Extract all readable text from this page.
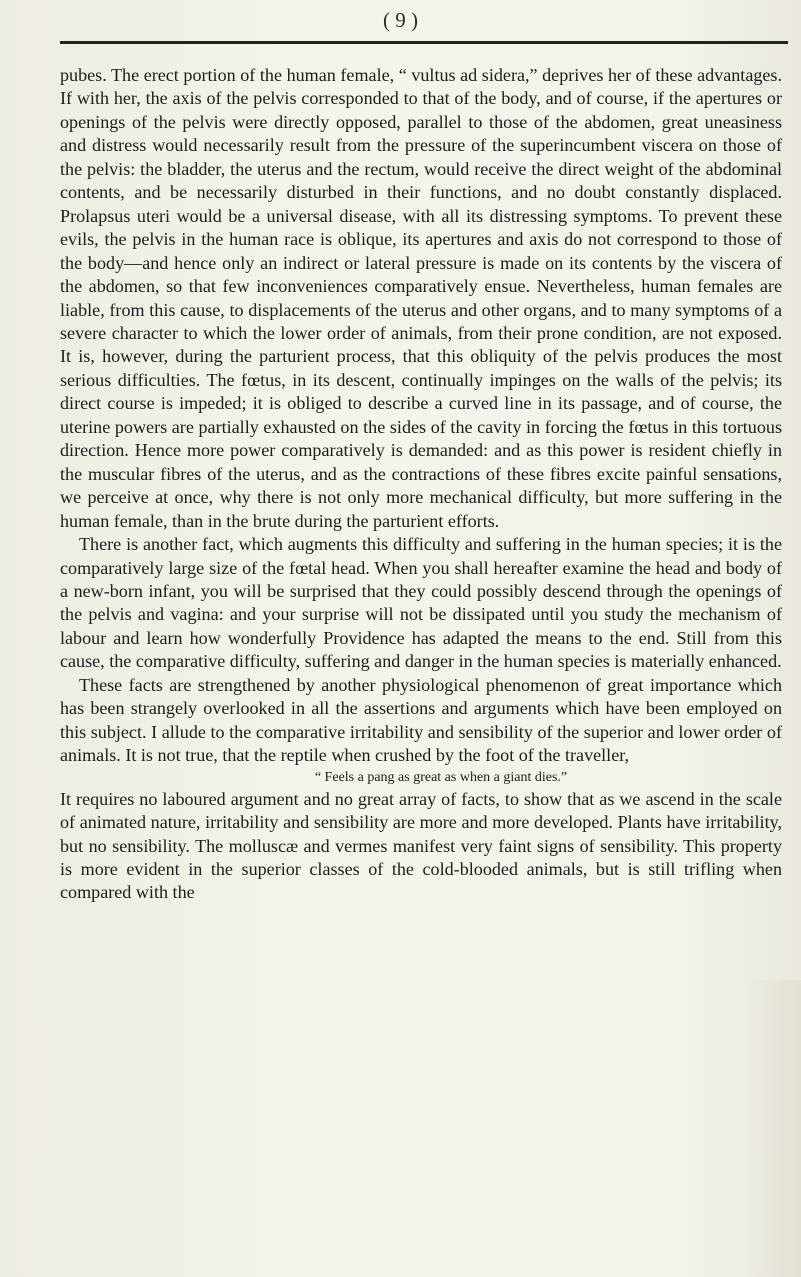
( 9 )

pubes. The erect portion of the human female, “ vultus ad sidera,” deprives her of these advantages. If with her, the axis of the pelvis corresponded to that of the body, and of course, if the apertures or openings of the pelvis were directly opposed, parallel to those of the abdomen, great uneasiness and distress would necessarily result from the pressure of the superincumbent viscera on those of the pelvis: the bladder, the uterus and the rectum, would receive the direct weight of the abdominal contents, and be necessarily disturbed in their functions, and no doubt constantly displaced. Prolapsus uteri would be a universal disease, with all its distressing symptoms. To prevent these evils, the pelvis in the human race is oblique, its apertures and axis do not correspond to those of the body—and hence only an indirect or lateral pressure is made on its contents by the viscera of the abdomen, so that few inconveniences comparatively ensue. Nevertheless, human females are liable, from this cause, to displacements of the uterus and other organs, and to many symptoms of a severe character to which the lower order of animals, from their prone condition, are not exposed. It is, however, during the parturient process, that this obliquity of the pelvis produces the most serious difficulties. The fœtus, in its descent, continually impinges on the walls of the pelvis; its direct course is impeded; it is obliged to describe a curved line in its passage, and of course, the uterine powers are partially exhausted on the sides of the cavity in forcing the fœtus in this tortuous direction. Hence more power comparatively is demanded: and as this power is resident chiefly in the muscular fibres of the uterus, and as the contractions of these fibres excite painful sensations, we perceive at once, why there is not only more mechanical difficulty, but more suffering in the human female, than in the brute during the parturient efforts.

There is another fact, which augments this difficulty and suffering in the human species; it is the comparatively large size of the fœtal head. When you shall hereafter examine the head and body of a new-born infant, you will be surprised that they could possibly descend through the openings of the pelvis and vagina: and your surprise will not be dissipated until you study the mechanism of labour and learn how wonderfully Providence has adapted the means to the end. Still from this cause, the comparative difficulty, suffering and danger in the human species is materially enhanced.

These facts are strengthened by another physiological phenomenon of great importance which has been strangely overlooked in all the assertions and arguments which have been employed on this subject. I allude to the comparative irritability and sensibility of the superior and lower order of animals. It is not true, that the reptile when crushed by the foot of the traveller,

“ Feels a pang as great as when a giant dies.”

It requires no laboured argument and no great array of facts, to show that as we ascend in the scale of animated nature, irritability and sensibility are more and more developed. Plants have irritability, but no sensibility. The molluscæ and vermes manifest very faint signs of sensibility. This property is more evident in the superior classes of the cold-blooded animals, but is still trifling when compared with the
